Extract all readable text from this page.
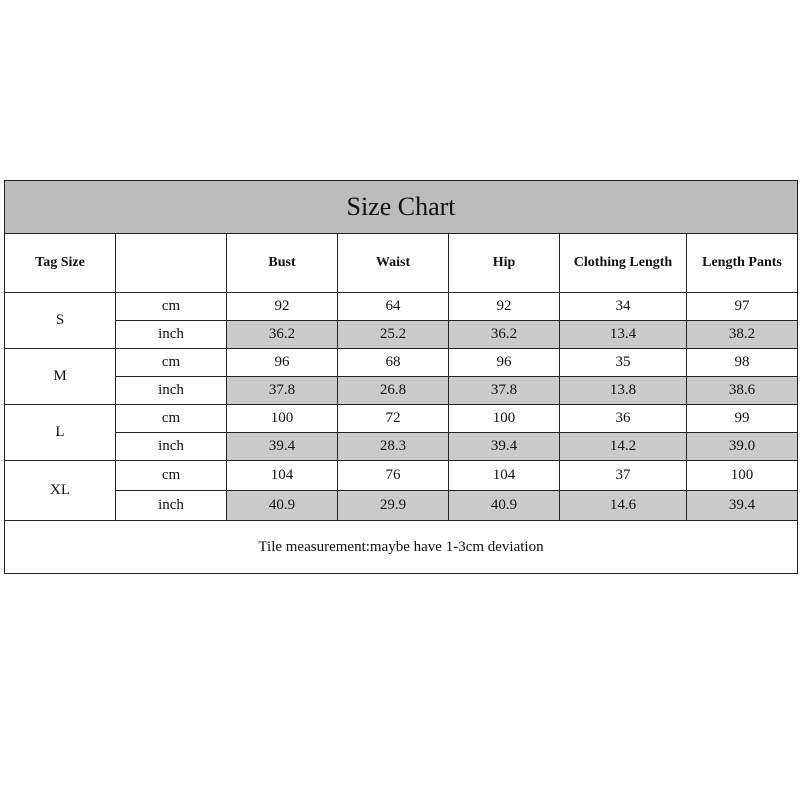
Size Chart						
Tag Size		Bust	Waist	Hip	Clothing Length	Length Pants
S	cm	92	64	92	34	97
	inch	36.2	25.2	36.2	13.4	38.2
M	cm	96	68	96	35	98
	inch	37.8	26.8	37.8	13.8	38.6
L	cm	100	72	100	36	99
	inch	39.4	28.3	39.4	14.2	39.0
XL	cm	104	76	104	37	100
	inch	40.9	29.9	40.9	14.6	39.4
Tile measurement:maybe have 1-3cm deviation						
